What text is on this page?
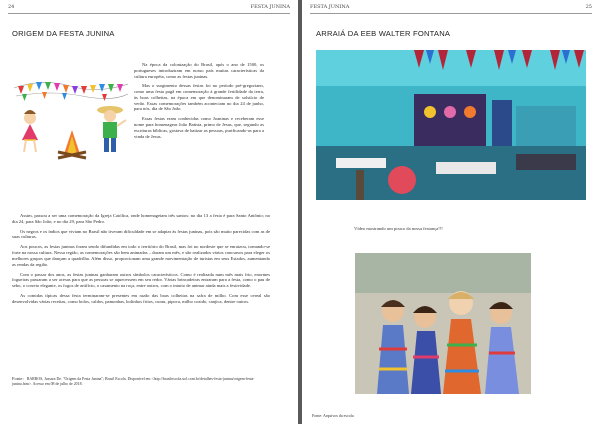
24	FESTA JUNINA
ORIGEM DA FESTA JUNINA

Na época da colonização do Brasil, após o ano de 1500, os portugueses introduziram em nosso país muitas características da cultura européia, como as festas juninas.

Mas o surgimento dessas festas foi no período pré-gregoriano, como uma festa pagã em comemoração à grande fertilidade da terra, às boas colheitas, na época em que denominaram de solstício de verão. Essas comemorações também aconteciam no dia 24 de junho, para nós, dia de São João.

Essas festas eram conhecidas como Joaninas e receberam esse nome para homenagear João Batista, primo de Jesus, que, segundo as escrituras bíblicas, gostava de batizar as pessoas, purificando-as para a vinda de Jesus.

Assim, passou a ser uma comemoração da Igreja Católica, onde homenageiam três santos: no dia 13 a festa é para Santo Antônio; no dia 24, para São João; e no dia 29, para São Pedro.

Os negros e os índios que viviam no Brasil não tiveram dificuldade em se adaptar às festas juninas, pois são muito parecidas com as de suas culturas.

Aos poucos, as festas juninas foram sendo difundidas em todo o território do Brasil, mas foi no nordeste que se enraizou, tornando-se forte na nossa cultura. Nessa região, as comemorações são bem animadas – duram um mês, e são realizados vários concursos para eleger os melhores grupos que dançam a quadrilha. Além disso, proporcionam uma grande movimentação de turistas em seus Estados, aumentando as rendas da região.

Com o passar dos anos, as festas juninas ganharam outros símbolos característicos. Como é realizada num mês mais frio, enormes fogueiras passaram a ser acesas para que as pessoas se aquecessem em seu redor. Várias brincadeiras entraram para a festa, como o pau de sebo, o correio elegante, os fogos de artifício, o casamento na roça, entre outros, com o intuito de animar ainda mais a festividade.

As comidas típicas dessa festa terminaram-se presentes em razão das boas colheitas na safra de milho. Com esse cereal são desenvolvidas várias receitas, como bolos, caldos, pamonhas, bolinhos fritos, curau, pipoca, milho cozido, canjica, dentre outros.

Fonte: BARROS, Jussara De. "Origem da Festa Junina"; Brasil Escola. Disponível em <http://brasilescola.uol.com.br/detalhes-festa-junina/origem-festa-junina.htm>. Acesso em 08 de julho de 2018.
FESTA JUNINA	25
ARRAIÁ DA EEB WALTER FONTANA
Vídeo mostrando um pouco da nossa festança!!!
Fonte: Arquivos da escola
